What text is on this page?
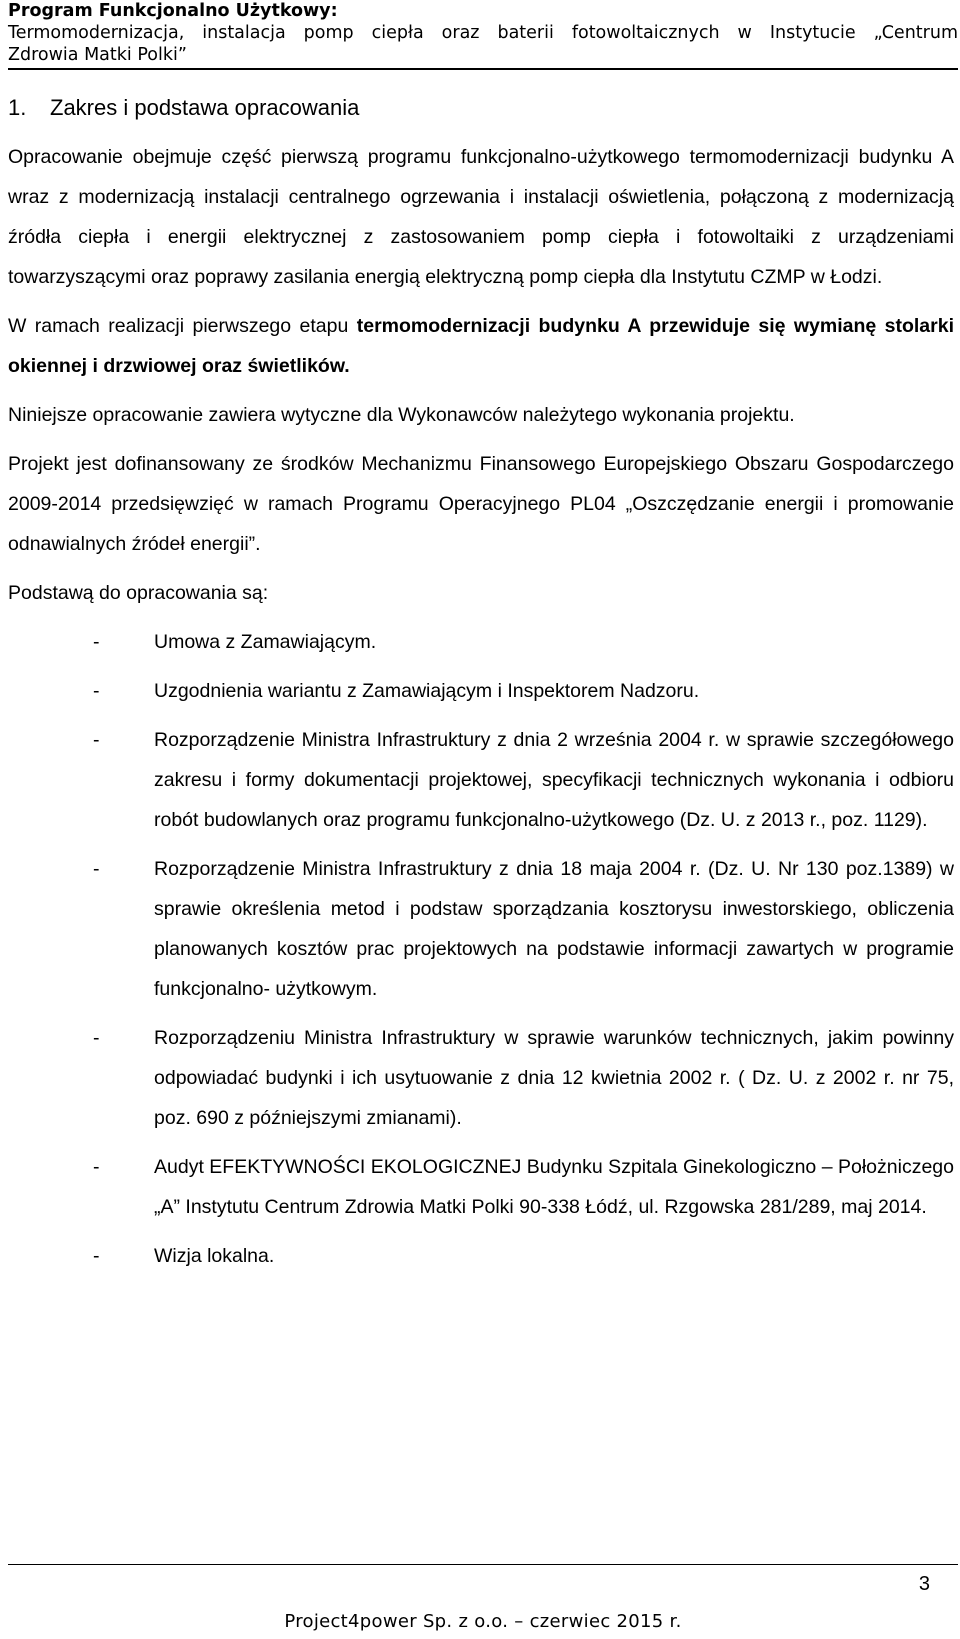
Program Funkcjonalno Użytkowy:
Termomodernizacja, instalacja pomp ciepła oraz baterii fotowoltaicznych w Instytucie „Centrum
Zdrowia Matki Polki”
1. Zakres i podstawa opracowania

Opracowanie obejmuje część pierwszą programu funkcjonalno-użytkowego termomodernizacji budynku A wraz z modernizacją instalacji centralnego ogrzewania i instalacji oświetlenia, połączoną z modernizacją źródła ciepła i energii elektrycznej z zastosowaniem pomp ciepła i fotowoltaiki z urządzeniami towarzyszącymi oraz poprawy zasilania energią elektryczną pomp ciepła dla Instytutu CZMP w Łodzi.

W ramach realizacji pierwszego etapu termomodernizacji budynku A przewiduje się wymianę stolarki okiennej i drzwiowej oraz świetlików.

Niniejsze opracowanie zawiera wytyczne dla Wykonawców należytego wykonania projektu.

Projekt jest dofinansowany ze środków Mechanizmu Finansowego Europejskiego Obszaru Gospodarczego 2009-2014 przedsięwzięć w ramach Programu Operacyjnego PL04 „Oszczędzanie energii i promowanie odnawialnych źródeł energii”.

Podstawą do opracowania są:

-	Umowa z Zamawiającym.
-	Uzgodnienia wariantu z Zamawiającym i Inspektorem Nadzoru.
-	Rozporządzenie Ministra Infrastruktury z dnia 2 września 2004 r. w sprawie szczegółowego zakresu i formy dokumentacji projektowej, specyfikacji technicznych wykonania i odbioru robót budowlanych oraz programu funkcjonalno-użytkowego (Dz. U. z 2013 r., poz. 1129).
-	Rozporządzenie Ministra Infrastruktury z dnia 18 maja 2004 r. (Dz. U. Nr 130 poz.1389) w sprawie określenia metod i podstaw sporządzania kosztorysu inwestorskiego, obliczenia planowanych kosztów prac projektowych na podstawie informacji zawartych w programie funkcjonalno- użytkowym.
-	Rozporządzeniu Ministra Infrastruktury w sprawie warunków technicznych, jakim powinny odpowiadać budynki i ich usytuowanie z dnia 12 kwietnia 2002 r. ( Dz. U. z 2002 r. nr 75, poz. 690 z późniejszymi zmianami).
-	Audyt EFEKTYWNOŚCI EKOLOGICZNEJ Budynku Szpitala Ginekologiczno – Położniczego „A” Instytutu Centrum Zdrowia Matki Polki 90-338 Łódź, ul. Rzgowska 281/289, maj 2014.
-	Wizja lokalna.
3
Project4power Sp. z o.o. – czerwiec 2015 r.
